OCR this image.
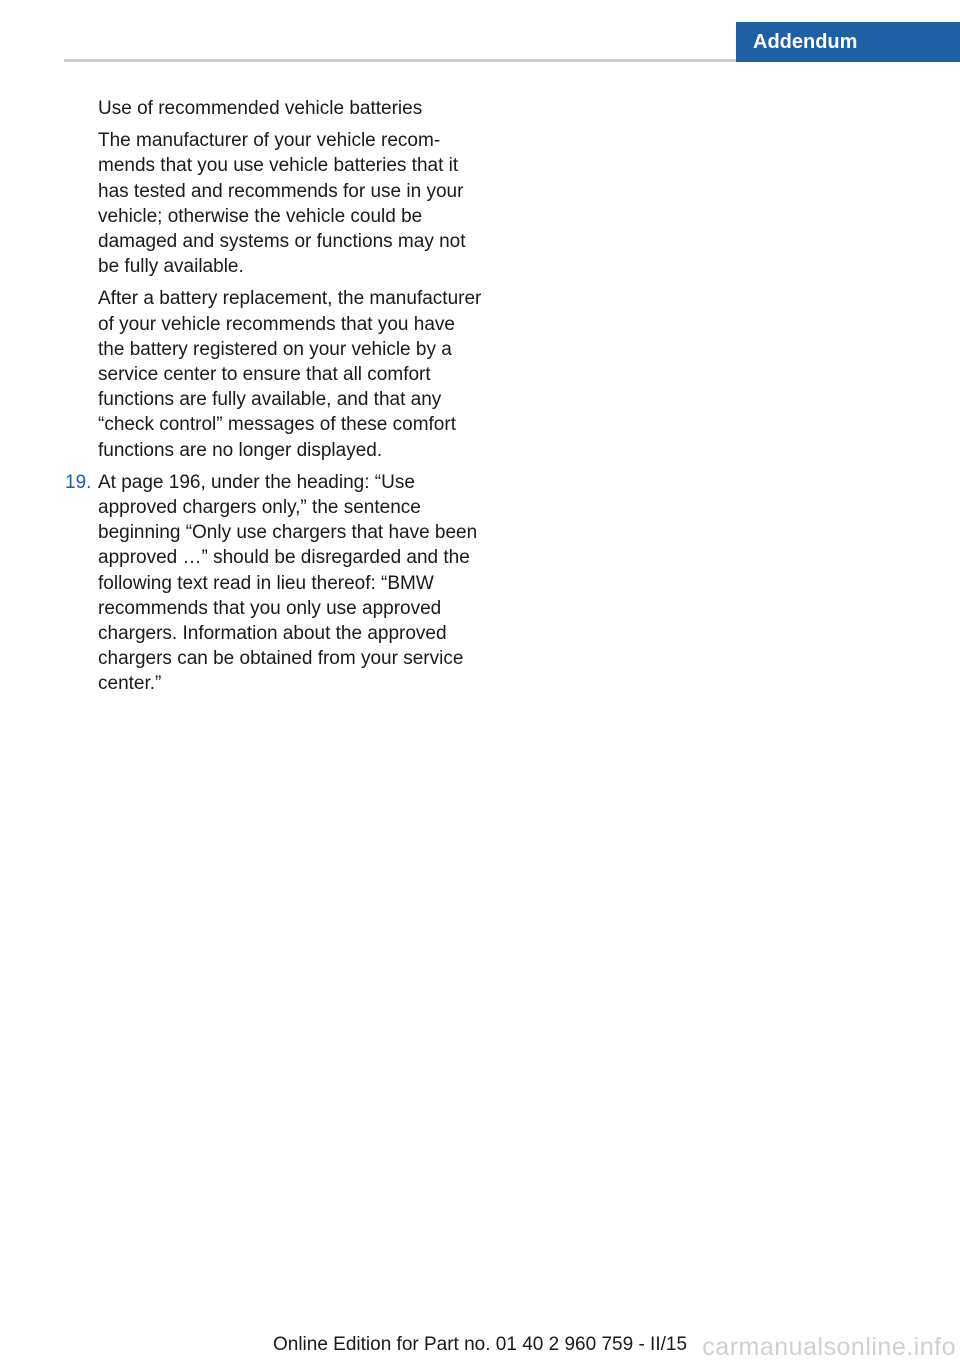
Addendum

Use of recommended vehicle batteries

The manufacturer of your vehicle recommends that you use vehicle batteries that it has tested and recommends for use in your vehicle; otherwise the vehicle could be damaged and systems or functions may not be fully available.

After a battery replacement, the manufacturer of your vehicle recommends that you have the battery registered on your vehicle by a service center to ensure that all comfort functions are fully available, and that any “check control” messages of these comfort functions are no longer displayed.

19. At page 196, under the heading: “Use approved chargers only,” the sentence beginning “Only use chargers that have been approved …” should be disregarded and the following text read in lieu thereof: “BMW recommends that you only use approved chargers. Information about the approved chargers can be obtained from your service center.”
Online Edition for Part no. 01 40 2 960 759 - II/15 carmanualsonline.info
